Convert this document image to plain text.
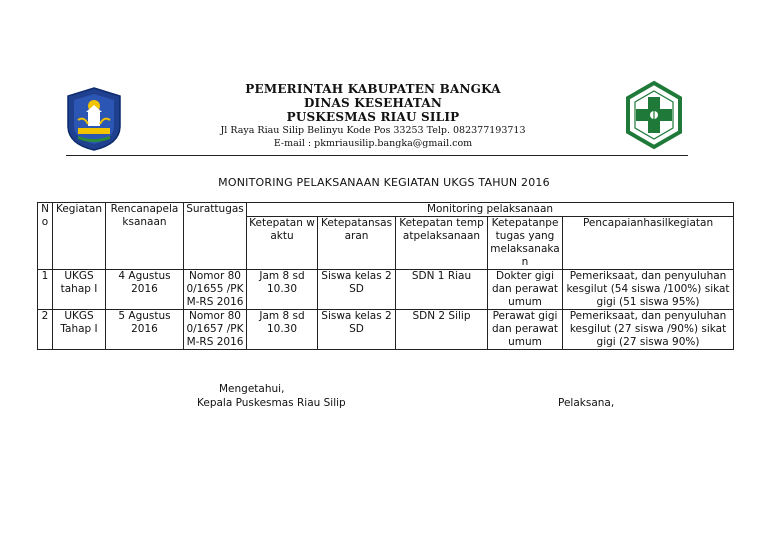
PEMERINTAH KABUPATEN BANGKA
DINAS KESEHATAN
PUSKESMAS RIAU SILIP
Jl Raya Riau Silip Belinyu Kode Pos 33253 Telp. 082377193713
E-mail : pkmriausilip.bangka@gmail.com
MONITORING PELAKSANAAN KEGIATAN UKGS TAHUN 2016
No	Kegiatan	Rencanapelaksanaan	Surattugas	Monitoring pelaksanaan				
				Ketepatan waktu	Ketepatansasaran	Ketepatan tempatpelaksanaan	Ketepatanpetugas yang melaksanakan	Pencapaianhasilkegiatan
1	UKGS tahap I	4 Agustus 2016	Nomor 800/1655 /PKM-RS 2016	Jam 8 sd 10.30	Siswa kelas 2 SD	SDN 1 Riau	Dokter gigi dan perawat umum	Pemeriksaat, dan penyuluhan kesgilut (54 siswa /100%) sikat gigi (51 siswa 95%)
2	UKGS Tahap I	5 Agustus 2016	Nomor 800/1657 /PKM-RS 2016	Jam 8 sd 10.30	Siswa kelas 2 SD	SDN 2 Silip	Perawat gigi dan perawat umum	Pemeriksaat, dan penyuluhan kesgilut (27 siswa /90%) sikat gigi (27 siswa 90%)
Mengetahui,
Kepala Puskesmas Riau Silip	Pelaksana,
